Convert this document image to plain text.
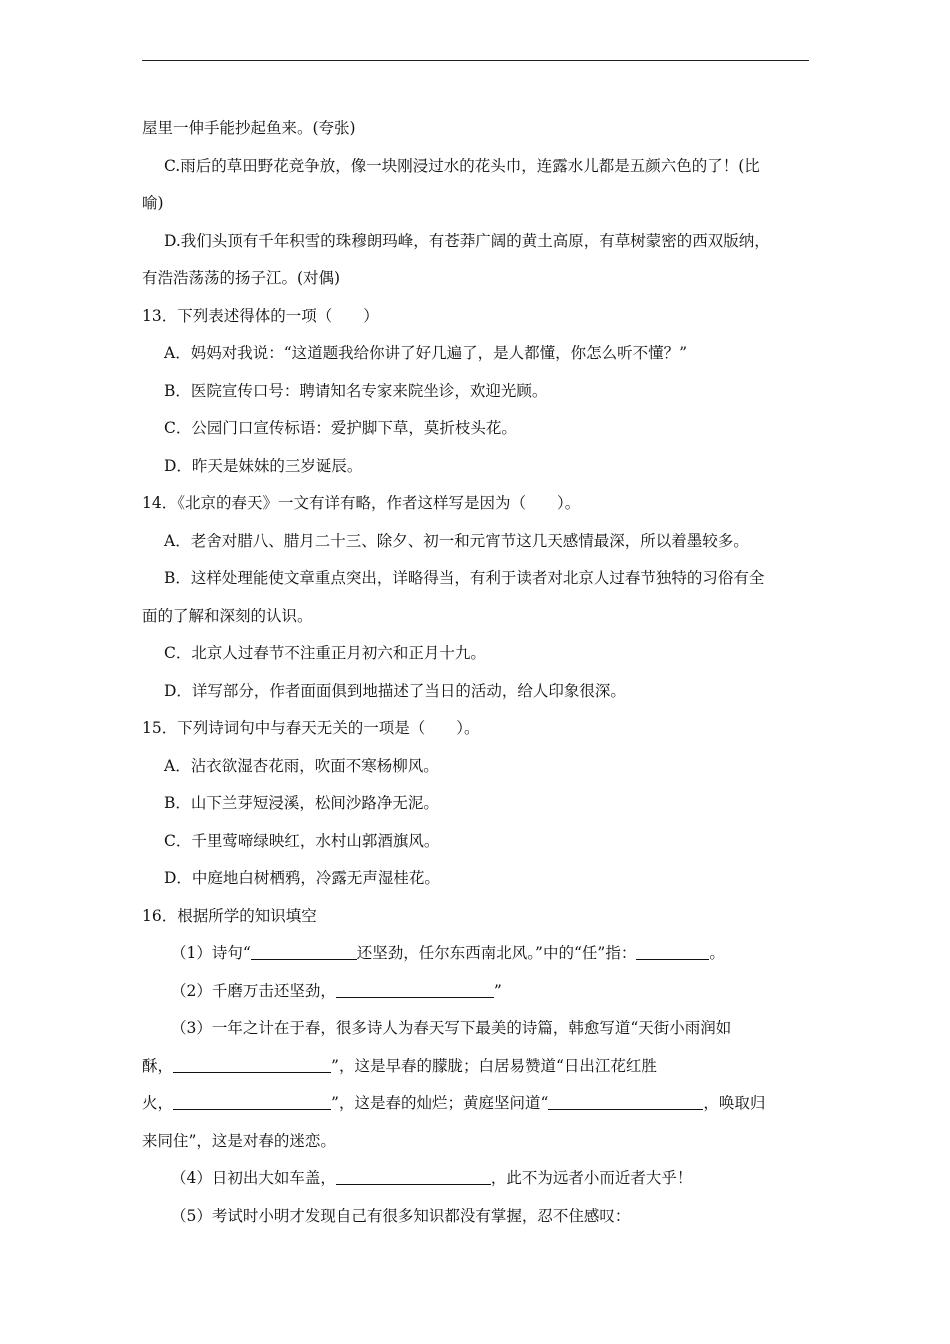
屋里一伸手能抄起鱼来。(夸张)
C.雨后的草田野花竞争放，像一块刚浸过水的花头巾，连露水儿都是五颜六色的了！(比
喻)
D.我们头顶有千年积雪的珠穆朗玛峰，有苍莽广阔的黄土高原，有草树蒙密的西双版纳，
有浩浩荡荡的扬子江。(对偶)
13．下列表述得体的一项（　　）
A．妈妈对我说：“这道题我给你讲了好几遍了，是人都懂，你怎么听不懂？”
B．医院宣传口号：聘请知名专家来院坐诊，欢迎光顾。
C．公园门口宣传标语：爱护脚下草，莫折枝头花。
D．昨天是妹妹的三岁诞辰。
14．《北京的春天》一文有详有略，作者这样写是因为（　　）。
A．老舍对腊八、腊月二十三、除夕、初一和元宵节这几天感情最深，所以着墨较多。
B．这样处理能使文章重点突出，详略得当，有利于读者对北京人过春节独特的习俗有全
面的了解和深刻的认识。
C．北京人过春节不注重正月初六和正月十九。
D．详写部分，作者面面俱到地描述了当日的活动，给人印象很深。
15．下列诗词句中与春天无关的一项是（　　）。
A．沾衣欲湿杏花雨，吹面不寒杨柳风。
B．山下兰芽短浸溪，松间沙路净无泥。
C．千里莺啼绿映红，水村山郭酒旗风。
D．中庭地白树栖鸦，冷露无声湿桂花。
16．根据所学的知识填空
（1）诗句“	还坚劲，任尔东西南北风。”中的“任”指：	。
（2）千磨万击还坚劲，	”
（3）一年之计在于春，很多诗人为春天写下最美的诗篇，韩愈写道“天街小雨润如
酥，	”，这是早春的朦胧；白居易赞道“日出江花红胜
火，	”，这是春的灿烂；黄庭坚问道“	，唤取归
来同住”，这是对春的迷恋。
（4）日初出大如车盖，	，此不为远者小而近者大乎！
（5）考试时小明才发现自己有很多知识都没有掌握，忍不住感叹：
